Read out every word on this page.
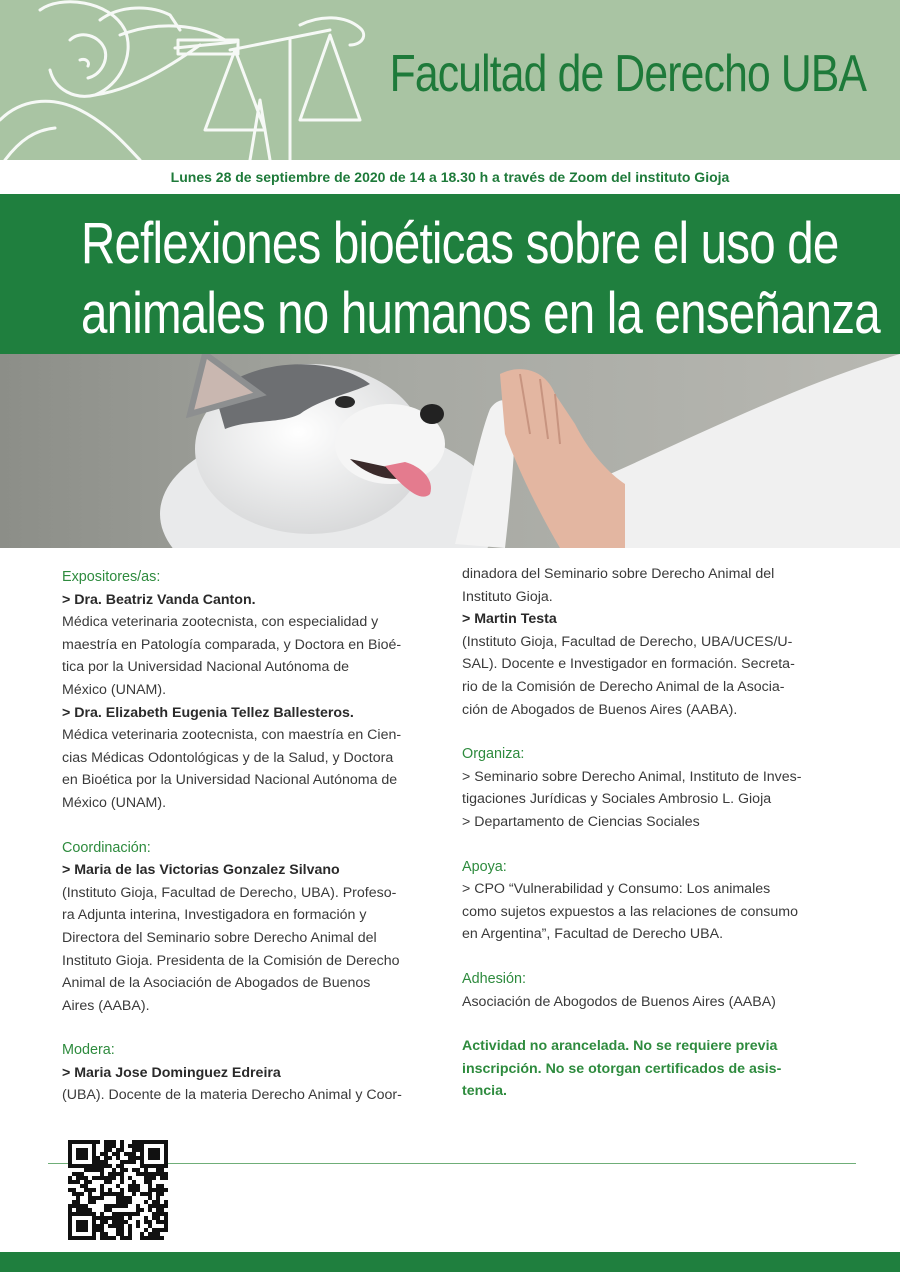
Facultad de Derecho UBA
Lunes 28 de septiembre de 2020 de 14 a 18.30 h a través de Zoom del instituto Gioja
Reflexiones bioéticas sobre el uso de
animales no humanos en la enseñanza

Expositores/as:

> Dra. Beatriz Vanda Canton.

Médica veterinaria zootecnista, con especialidad y

maestría en Patología comparada, y Doctora en Bioé-

tica por la Universidad Nacional Autónoma de

México (UNAM).

> Dra. Elizabeth Eugenia Tellez Ballesteros.

Médica veterinaria zootecnista, con maestría en Cien-

cias Médicas Odontológicas y de la Salud, y Doctora

en Bioética por la Universidad Nacional Autónoma de

México (UNAM).

Coordinación:

> Maria de las Victorias Gonzalez Silvano

(Instituto Gioja, Facultad de Derecho, UBA). Profeso-

ra Adjunta interina, Investigadora en formación y

Directora del Seminario sobre Derecho Animal del

Instituto Gioja. Presidenta de la Comisión de Derecho

Animal de la Asociación de Abogados de Buenos

Aires (AABA).

Modera:

> Maria Jose Dominguez Edreira

(UBA). Docente de la materia Derecho Animal y Coor-

dinadora del Seminario sobre Derecho Animal del

Instituto Gioja.

> Martin Testa

(Instituto Gioja, Facultad de Derecho, UBA/UCES/U-

SAL). Docente e Investigador en formación. Secreta-

rio de la Comisión de Derecho Animal de la Asocia-

ción de Abogados de Buenos Aires (AABA).

Organiza:

> Seminario sobre Derecho Animal, Instituto de Inves-

tigaciones Jurídicas y Sociales Ambrosio L. Gioja

> Departamento de Ciencias Sociales

Apoya:

> CPO “Vulnerabilidad y Consumo: Los animales

como sujetos expuestos a las relaciones de consumo

en Argentina”, Facultad de Derecho UBA.

Adhesión:

Asociación de Abogodos de Buenos Aires (AABA)

Actividad no arancelada. No se requiere previa

inscripción. No se otorgan certificados de asis-

tencia.
